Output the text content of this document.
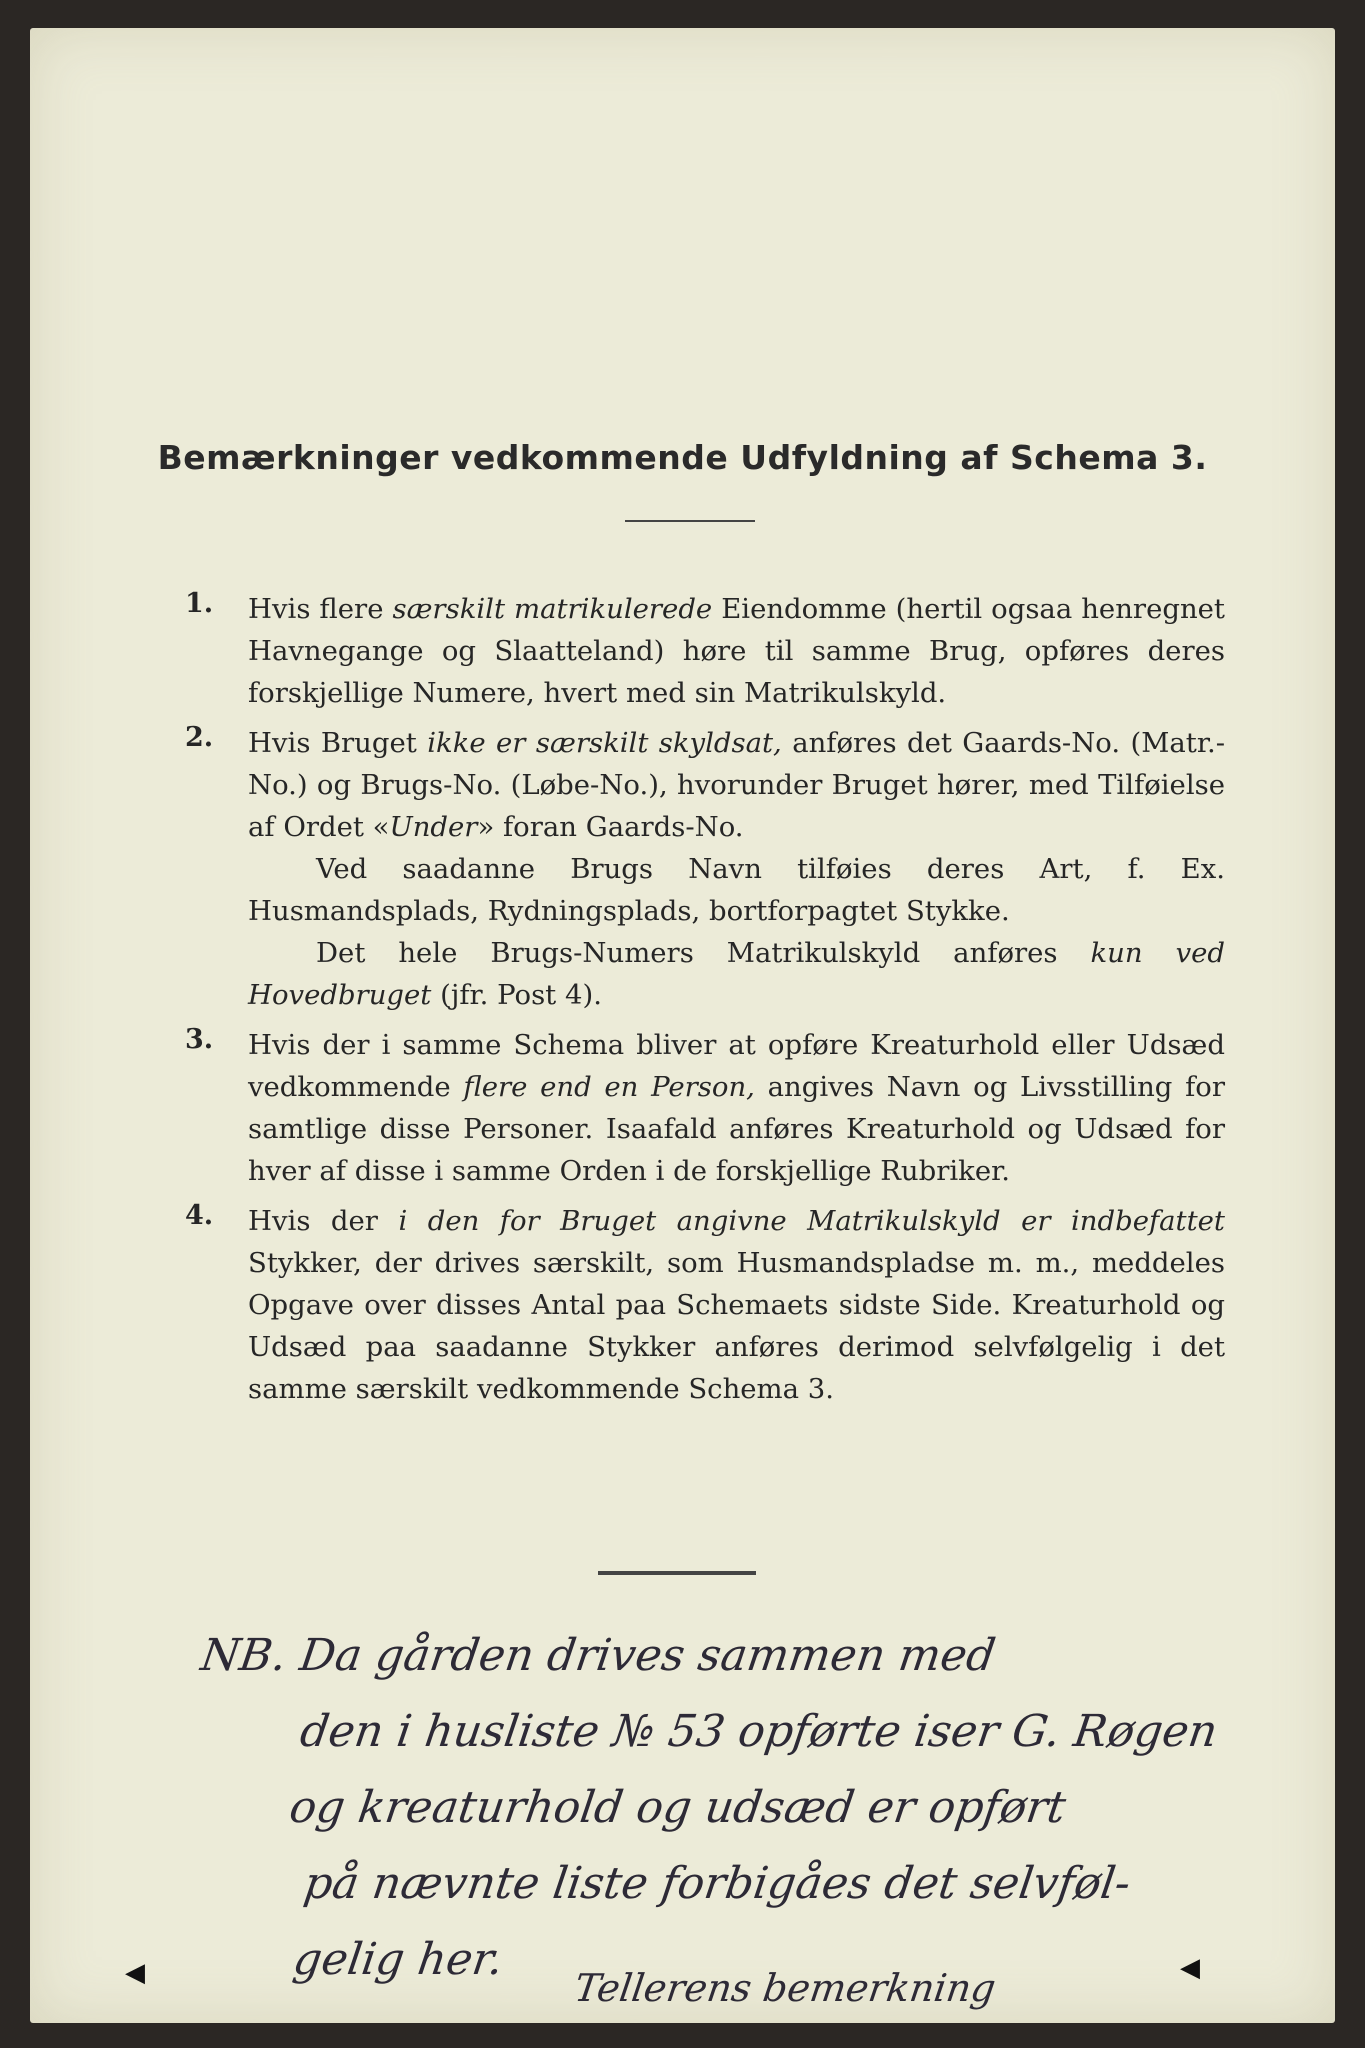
Bemærkninger vedkommende Udfyldning af Schema 3.
1. Hvis flere særskilt matrikulerede Eiendomme (hertil ogsaa henregnet Havnegange og Slaatteland) høre til samme Brug, opføres deres forskjellige Numere, hvert med sin Matrikulskyld.

2. Hvis Bruget ikke er særskilt skyldsat, anføres det Gaards-No. (Matr.-No.) og Brugs-No. (Løbe-No.), hvorunder Bruget hører, med Tilføielse af Ordet «Under» foran Gaards-No.

Ved saadanne Brugs Navn tilføies deres Art, f. Ex. Husmandsplads, Rydningsplads, bortforpagtet Stykke.

Det hele Brugs-Numers Matrikulskyld anføres kun ved Hovedbruget (jfr. Post 4).

3. Hvis der i samme Schema bliver at opføre Kreaturhold eller Udsæd vedkommende flere end en Person, angives Navn og Livsstilling for samtlige disse Personer. Isaafald anføres Kreaturhold og Udsæd for hver af disse i samme Orden i de forskjellige Rubriker.

4. Hvis der i den for Bruget angivne Matrikulskyld er indbefattet Stykker, der drives særskilt, som Husmandspladse m. m., meddeles Opgave over disses Antal paa Schemaets sidste Side. Kreaturhold og Udsæd paa saadanne Stykker anføres derimod selvfølgelig i det samme særskilt vedkommende Schema 3.

NB. Da gården drives sammen med
den i husliste № 53 opførte iser G. Røgen
og kreaturhold og udsæd er opført
på nævnte liste forbigåes det selvføl-
gelig her.
Tellerens bemerkning
◀	◀
